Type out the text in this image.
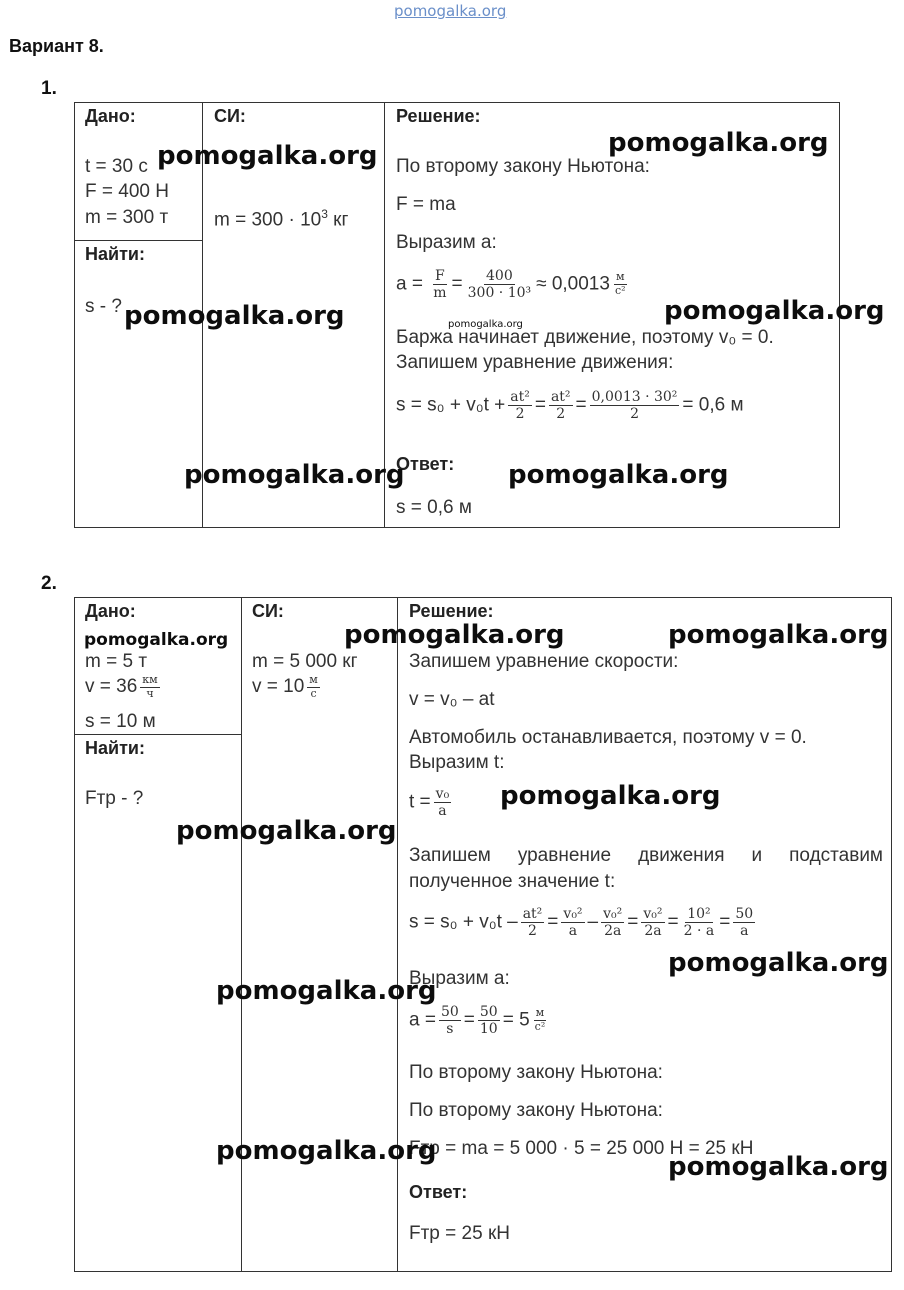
pomogalka.org
Вариант 8.
1.
Дано:
t = 30 с
F = 400 Н
m = 300 т
Найти:
s - ?
СИ:
$m = 300 \cdot 10^3$ кг
Решение:
По второму закону Ньютона:
F = ma
Выразим a:
$a = \frac{F}{m} = \frac{400}{\text{300 · 10³}} \approx 0,0013 \frac{м}{\text{с²}}$
Баржа начинает движение, поэтому v₀ = 0.
Запишем уравнение движения:
$s = s_0 + v_0t + \frac{\text{at²}}{2} = \frac{\text{at²}}{2} = \frac{\text{0,0013 · 30²}}{2} = 0,6$ м
Ответ:
s = 0,6 м
2.
Дано:
m = 5 т
$v = 36 \frac{км}{ч}$
s = 10 м
Найти:
Fтр - ?
СИ:
m = 5 000 кг
$v = 10 \frac{м}{с}$
Решение:
Запишем уравнение скорости:
v = v₀ – at
Автомобиль останавливается, поэтому v = 0.
Выразим t:
$t = \frac{\text{v₀}}{a}$
Запишем уравнение движения и подставим полученное значение t:
$s = s_0 + v_0t - \frac{\text{at²}}{2} = \frac{\text{v₀²}}{a} - \frac{\text{v₀²}}{2a} = \frac{\text{v₀²}}{2a} = \frac{\text{10²}}{2 \cdot a} = \frac{50}{a}$
Выразим a:
$a = \frac{50}{s} = \frac{50}{10} = 5 \frac{м}{\text{с²}}$
По второму закону Ньютона:
По второму закону Ньютона:
Fтр = ma = 5 000 · 5 = 25 000 Н = 25 кН
Ответ:
Fтр = 25 кН
pomogalka.org
pomogalka.org
pomogalka.org	pomogalka.org
pomogalka.org
pomogalka.org	pomogalka.org
pomogalka.org	pomogalka.org	pomogalka.org
pomogalka.org
pomogalka.org
pomogalka.org
pomogalka.org
pomogalka.org
pomogalka.org
